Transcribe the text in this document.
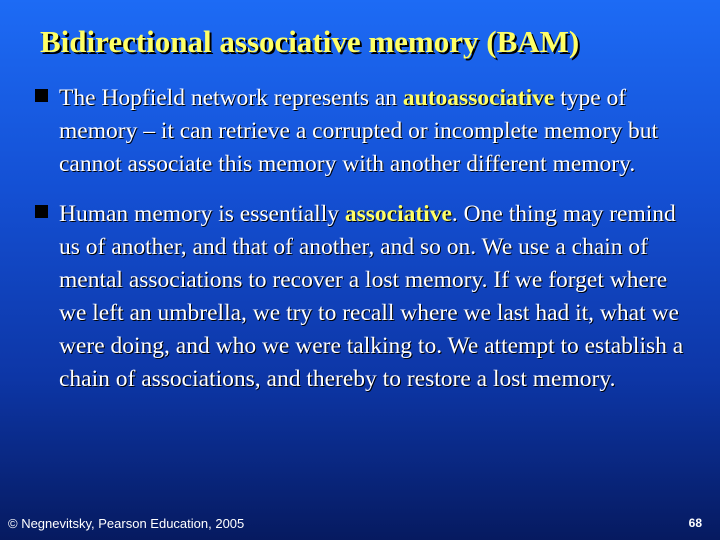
Bidirectional associative memory (BAM)
The Hopfield network represents an autoassociative type of memory – it can retrieve a corrupted or incomplete memory but cannot associate this memory with another different memory.
Human memory is essentially associative. One thing may remind us of another, and that of another, and so on. We use a chain of mental associations to recover a lost memory. If we forget where we left an umbrella, we try to recall where we last had it, what we were doing, and who we were talking to. We attempt to establish a chain of associations, and thereby to restore a lost memory.
© Negnevitsky, Pearson Education, 2005	68
